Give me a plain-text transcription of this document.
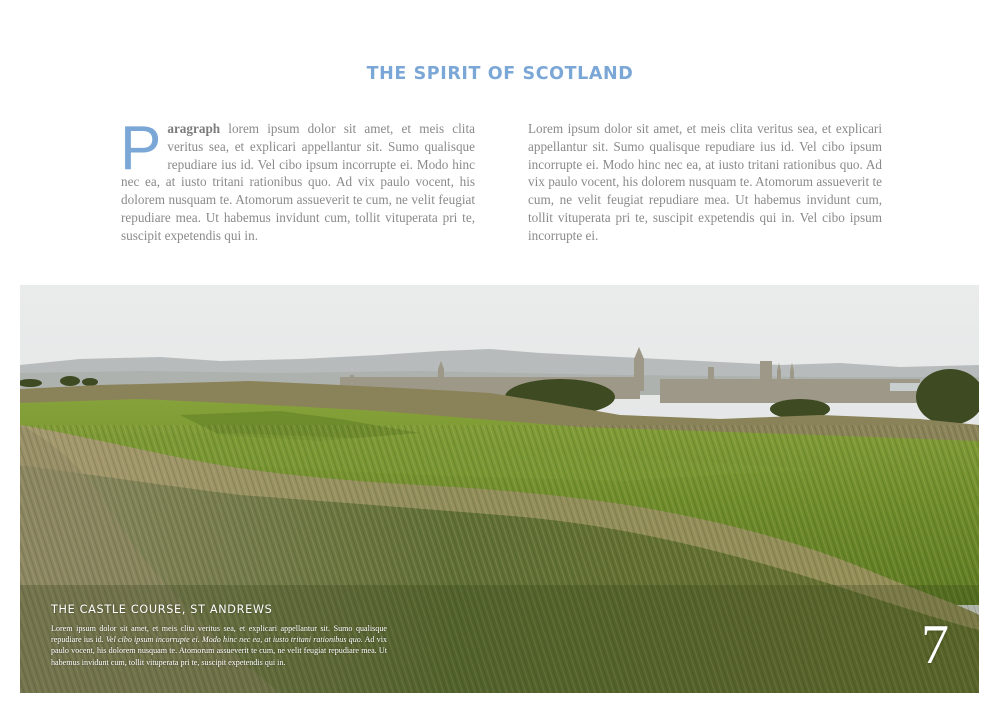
THE SPIRIT OF SCOTLAND
Paragraph lorem ipsum dolor sit amet, et meis clita veritus sea, et explicari appellantur sit. Sumo qualisque repudiare ius id. Vel cibo ipsum incorrupte ei. Modo hinc nec ea, at iusto tritani rationibus quo. Ad vix paulo vocent, his dolorem nusquam te. Atomorum assueverit te cum, ne velit feugiat repudiare mea. Ut habemus invidunt cum, tollit vituperata pri te, suscipit expetendis qui in.
Lorem ipsum dolor sit amet, et meis clita veritus sea, et explicari appellantur sit. Sumo qualisque repudiare ius id. Vel cibo ipsum incorrupte ei. Modo hinc nec ea, at iusto tritani rationibus quo. Ad vix paulo vocent, his dolorem nusquam te. Atomorum assueverit te cum, ne velit feugiat repudiare mea. Ut habemus invidunt cum, tollit vituperata pri te, suscipit expetendis qui in. Vel cibo ipsum incorrupte ei.
THE CASTLE COURSE, ST ANDREWS

Lorem ipsum dolor sit amet, et meis clita veritus sea, et explicari appellantur sit. Sumo qualisque repudiare ius id. Vel cibo ipsum incorrupte ei. Modo hinc nec ea, at iusto tritani rationibus quo. Ad vix paulo vocent, his dolorem nusquam te. Atomorum assueverit te cum, ne velit feugiat repudiare mea. Ut habemus invidunt cum, tollit vituperata pri te, suscipit expetendis qui in.	7
